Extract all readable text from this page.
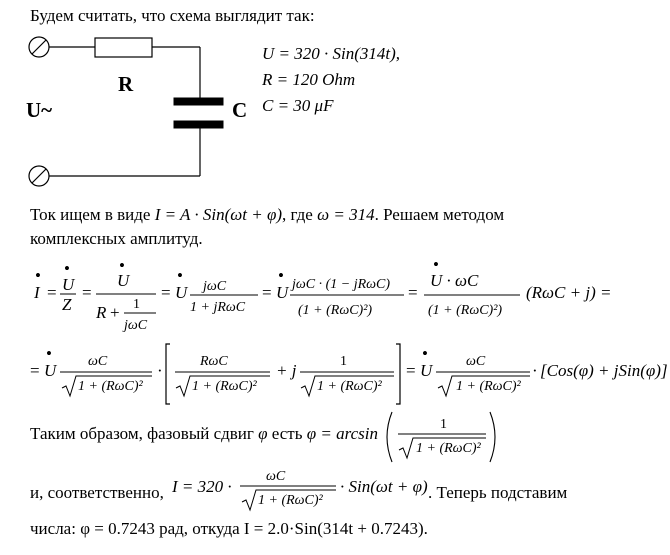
Будем считать, что схема выглядит так:
R
C
U~
U = 320 · Sin(314t),
R = 120 Ohm
C = 30 μF
Ток ищем в виде I = A · Sin(ωt + φ), где ω = 314. Решаем методом
комплексных амплитуд.
I
•
= U
•
Z
=
U
•
R + 1
jωC
= U
•
jωC
1 + jRωC
= U
• jωC · (1 − jRωC)
(1 + (RωC)²)
=
U · ωC
•
(1 + (RωC)²)
(RωC + j) =
= U
•	ωC
1 + (RωC)²
·	RωC
1 + (RωC)²
+ j	1
1 + (RωC)²
= U
•	ωC
1 + (RωC)²
· [Cos(φ) + jSin(φ)]
Таким образом, фазовый сдвиг φ есть φ = arcsin	1
1 + (RωC)²
и, соответственно, I = 320 ·
ωC
1 + (RωC)²
· Sin(ωt + φ) . Теперь подставим
числа: φ = 0.7243 рад, откуда I = 2.0·Sin(314t + 0.7243).
